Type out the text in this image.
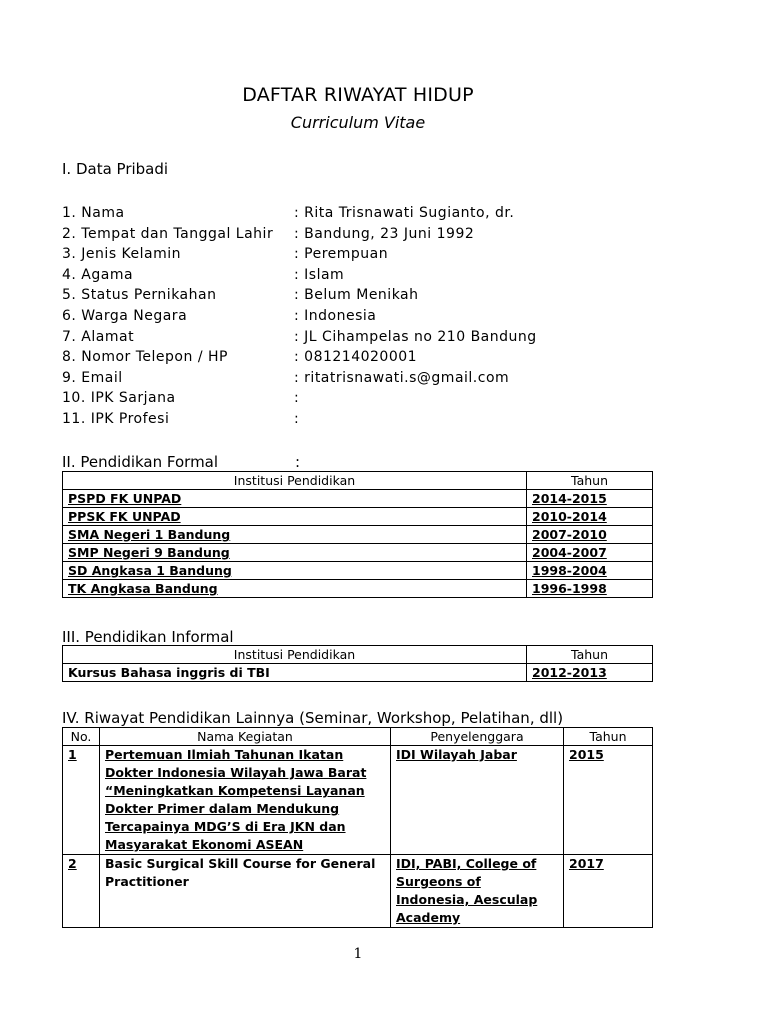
DAFTAR RIWAYAT HIDUP
Curriculum Vitae
I. Data Pribadi
1. Nama	: Rita Trisnawati Sugianto, dr.
2. Tempat dan Tanggal Lahir : Bandung, 23 Juni 1992
3. Jenis Kelamin	: Perempuan
4. Agama	: Islam
5. Status Pernikahan	: Belum Menikah
6. Warga Negara	: Indonesia
7. Alamat	: JL Cihampelas no 210 Bandung
8. Nomor Telepon / HP	: 081214020001
9. Email	: ritatrisnawati.s@gmail.com
10. IPK Sarjana	:
11. IPK Profesi	:
II. Pendidikan Formal	:
Institusi Pendidikan	Tahun
PSPD FK UNPAD	2014-2015
PPSK FK UNPAD	2010-2014
SMA Negeri 1 Bandung	2007-2010
SMP Negeri 9 Bandung	2004-2007
SD Angkasa 1 Bandung	1998-2004
TK Angkasa Bandung	1996-1998
III. Pendidikan Informal
Institusi Pendidikan	Tahun
Kursus Bahasa inggris di TBI	2012-2013
IV. Riwayat Pendidikan Lainnya (Seminar, Workshop, Pelatihan, dll)
No.	Nama Kegiatan	Penyelenggara	Tahun
1	Pertemuan Ilmiah Tahunan Ikatan Dokter Indonesia Wilayah Jawa Barat “Meningkatkan Kompetensi Layanan Dokter Primer dalam Mendukung Tercapainya MDG’S di Era JKN dan Masyarakat Ekonomi ASEAN	IDI Wilayah Jabar	2015
2	Basic Surgical Skill Course for General Practitioner	IDI, PABI, College of Surgeons of Indonesia, Aesculap Academy	2017
1
